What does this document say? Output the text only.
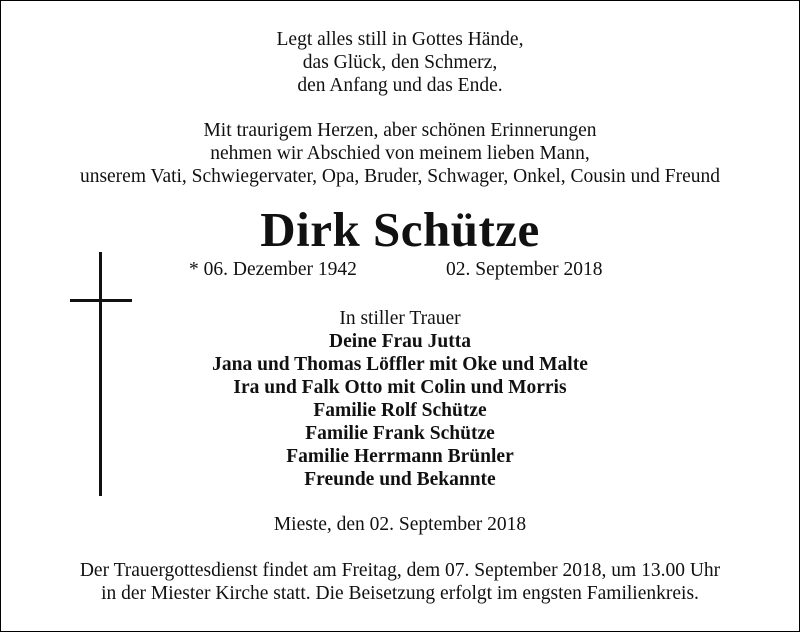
Legt alles still in Gottes Hände,
das Glück, den Schmerz,
den Anfang und das Ende.
Mit traurigem Herzen, aber schönen Erinnerungen
nehmen wir Abschied von meinem lieben Mann,
unserem Vati, Schwiegervater, Opa, Bruder, Schwager, Onkel, Cousin und Freund
Dirk Schütze
* 06. Dezember 1942	02. September 2018
In stiller Trauer
Deine Frau Jutta
Jana und Thomas Löffler mit Oke und Malte
Ira und Falk Otto mit Colin und Morris
Familie Rolf Schütze
Familie Frank Schütze
Familie Herrmann Brünler
Freunde und Bekannte
Mieste, den 02. September 2018
Der Trauergottesdienst findet am Freitag, dem 07. September 2018, um 13.00 Uhr
in der Miester Kirche statt. Die Beisetzung erfolgt im engsten Familienkreis.
